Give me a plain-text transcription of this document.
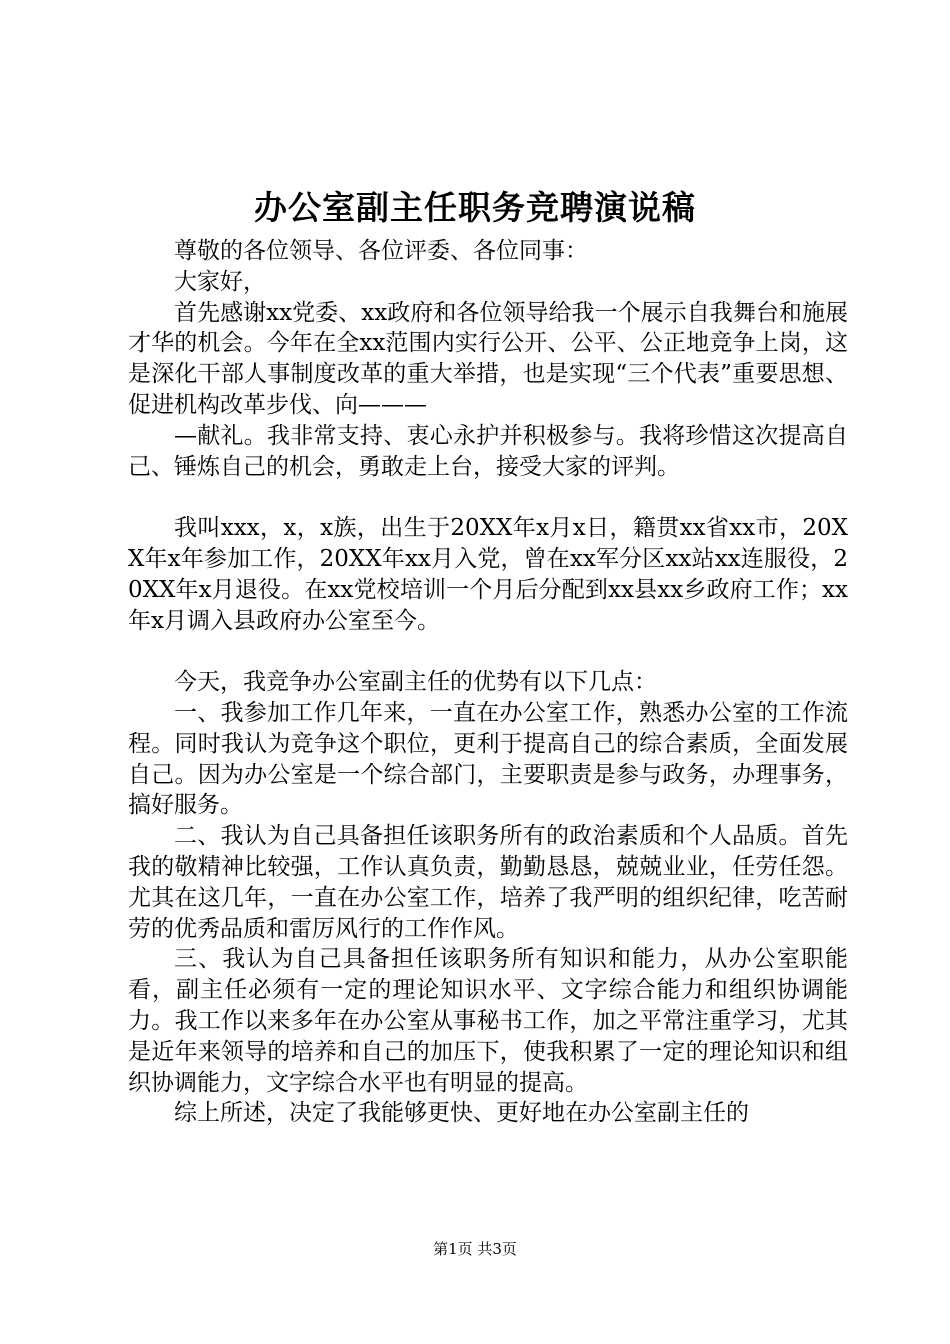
办公室副主任职务竞聘演说稿

尊敬的各位领导、各位评委、各位同事：

大家好，

首先感谢xx党委、xx政府和各位领导给我一个展示自我舞台和施展才华的机会。今年在全xx范围内实行公开、公平、公正地竞争上岗，这是深化干部人事制度改革的重大举措，也是实现“三个代表”重要思想、促进机构改革步伐、向———

—献礼。我非常支持、衷心永护并积极参与。我将珍惜这次提高自己、锤炼自己的机会，勇敢走上台，接受大家的评判。

我叫xxx，x，x族，出生于20XX年x月x日，籍贯xx省xx市，20XX年x年参加工作，20XX年xx月入党，曾在xx军分区xx站xx连服役，20XX年x月退役。在xx党校培训一个月后分配到xx县xx乡政府工作；xx年x月调入县政府办公室至今。

今天，我竞争办公室副主任的优势有以下几点：

一、我参加工作几年来，一直在办公室工作，熟悉办公室的工作流程。同时我认为竞争这个职位，更利于提高自己的综合素质，全面发展自己。因为办公室是一个综合部门，主要职责是参与政务，办理事务，搞好服务。

二、我认为自己具备担任该职务所有的政治素质和个人品质。首先我的敬精神比较强，工作认真负责，勤勤恳恳，兢兢业业，任劳任怨。尤其在这几年，一直在办公室工作，培养了我严明的组织纪律，吃苦耐劳的优秀品质和雷厉风行的工作作风。

三、我认为自己具备担任该职务所有知识和能力，从办公室职能看，副主任必须有一定的理论知识水平、文字综合能力和组织协调能力。我工作以来多年在办公室从事秘书工作，加之平常注重学习，尤其是近年来领导的培养和自己的加压下，使我积累了一定的理论知识和组织协调能力，文字综合水平也有明显的提高。

综上所述，决定了我能够更快、更好地在办公室副主任的

第1页 共3页
